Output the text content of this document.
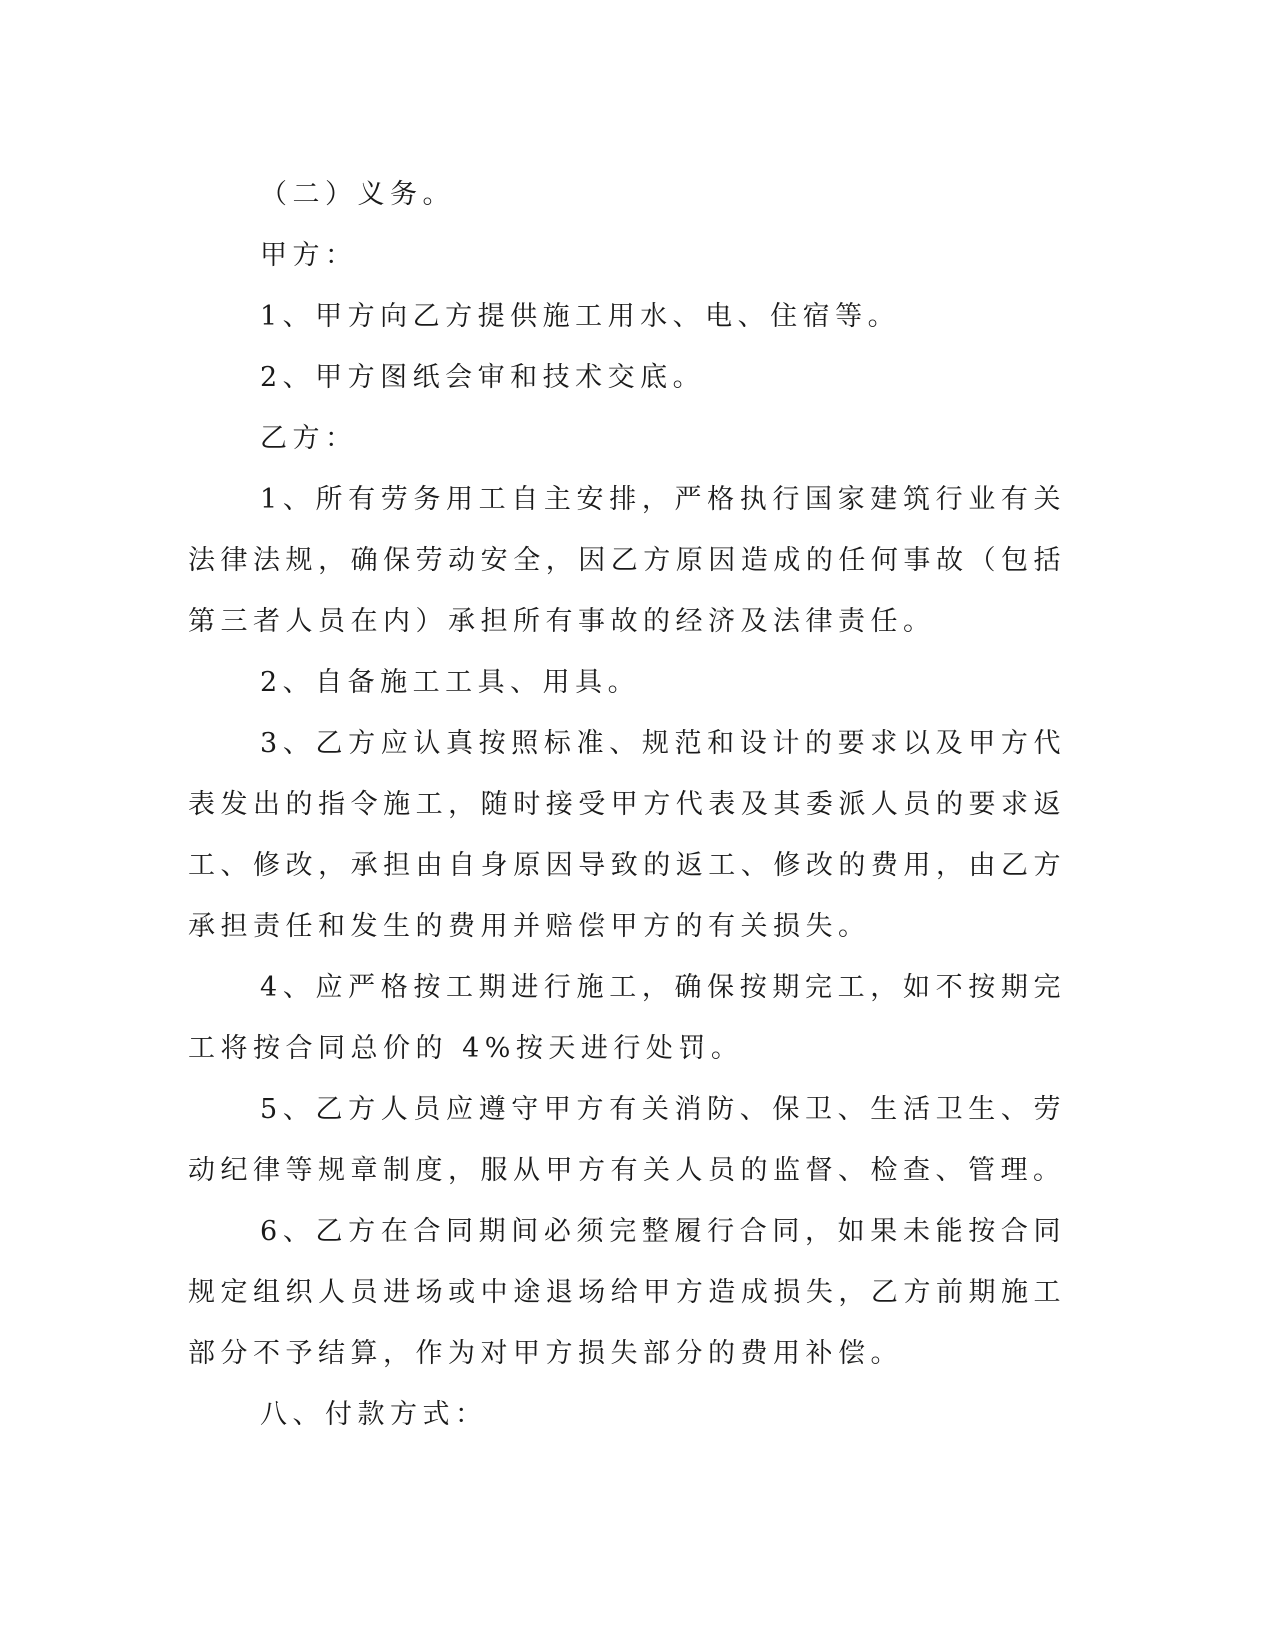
（二）义务。

甲方：

1、甲方向乙方提供施工用水、电、住宿等。

2、甲方图纸会审和技术交底。

乙方：

1、所有劳务用工自主安排，严格执行国家建筑行业有关法律法规，确保劳动安全，因乙方原因造成的任何事故（包括第三者人员在内）承担所有事故的经济及法律责任。

2、自备施工工具、用具。

3、乙方应认真按照标准、规范和设计的要求以及甲方代表发出的指令施工，随时接受甲方代表及其委派人员的要求返工、修改，承担由自身原因导致的返工、修改的费用，由乙方承担责任和发生的费用并赔偿甲方的有关损失。

4、应严格按工期进行施工，确保按期完工，如不按期完工将按合同总价的 4%按天进行处罚。

5、乙方人员应遵守甲方有关消防、保卫、生活卫生、劳动纪律等规章制度，服从甲方有关人员的监督、检查、管理。

6、乙方在合同期间必须完整履行合同，如果未能按合同规定组织人员进场或中途退场给甲方造成损失，乙方前期施工部分不予结算，作为对甲方损失部分的费用补偿。

八、付款方式：
